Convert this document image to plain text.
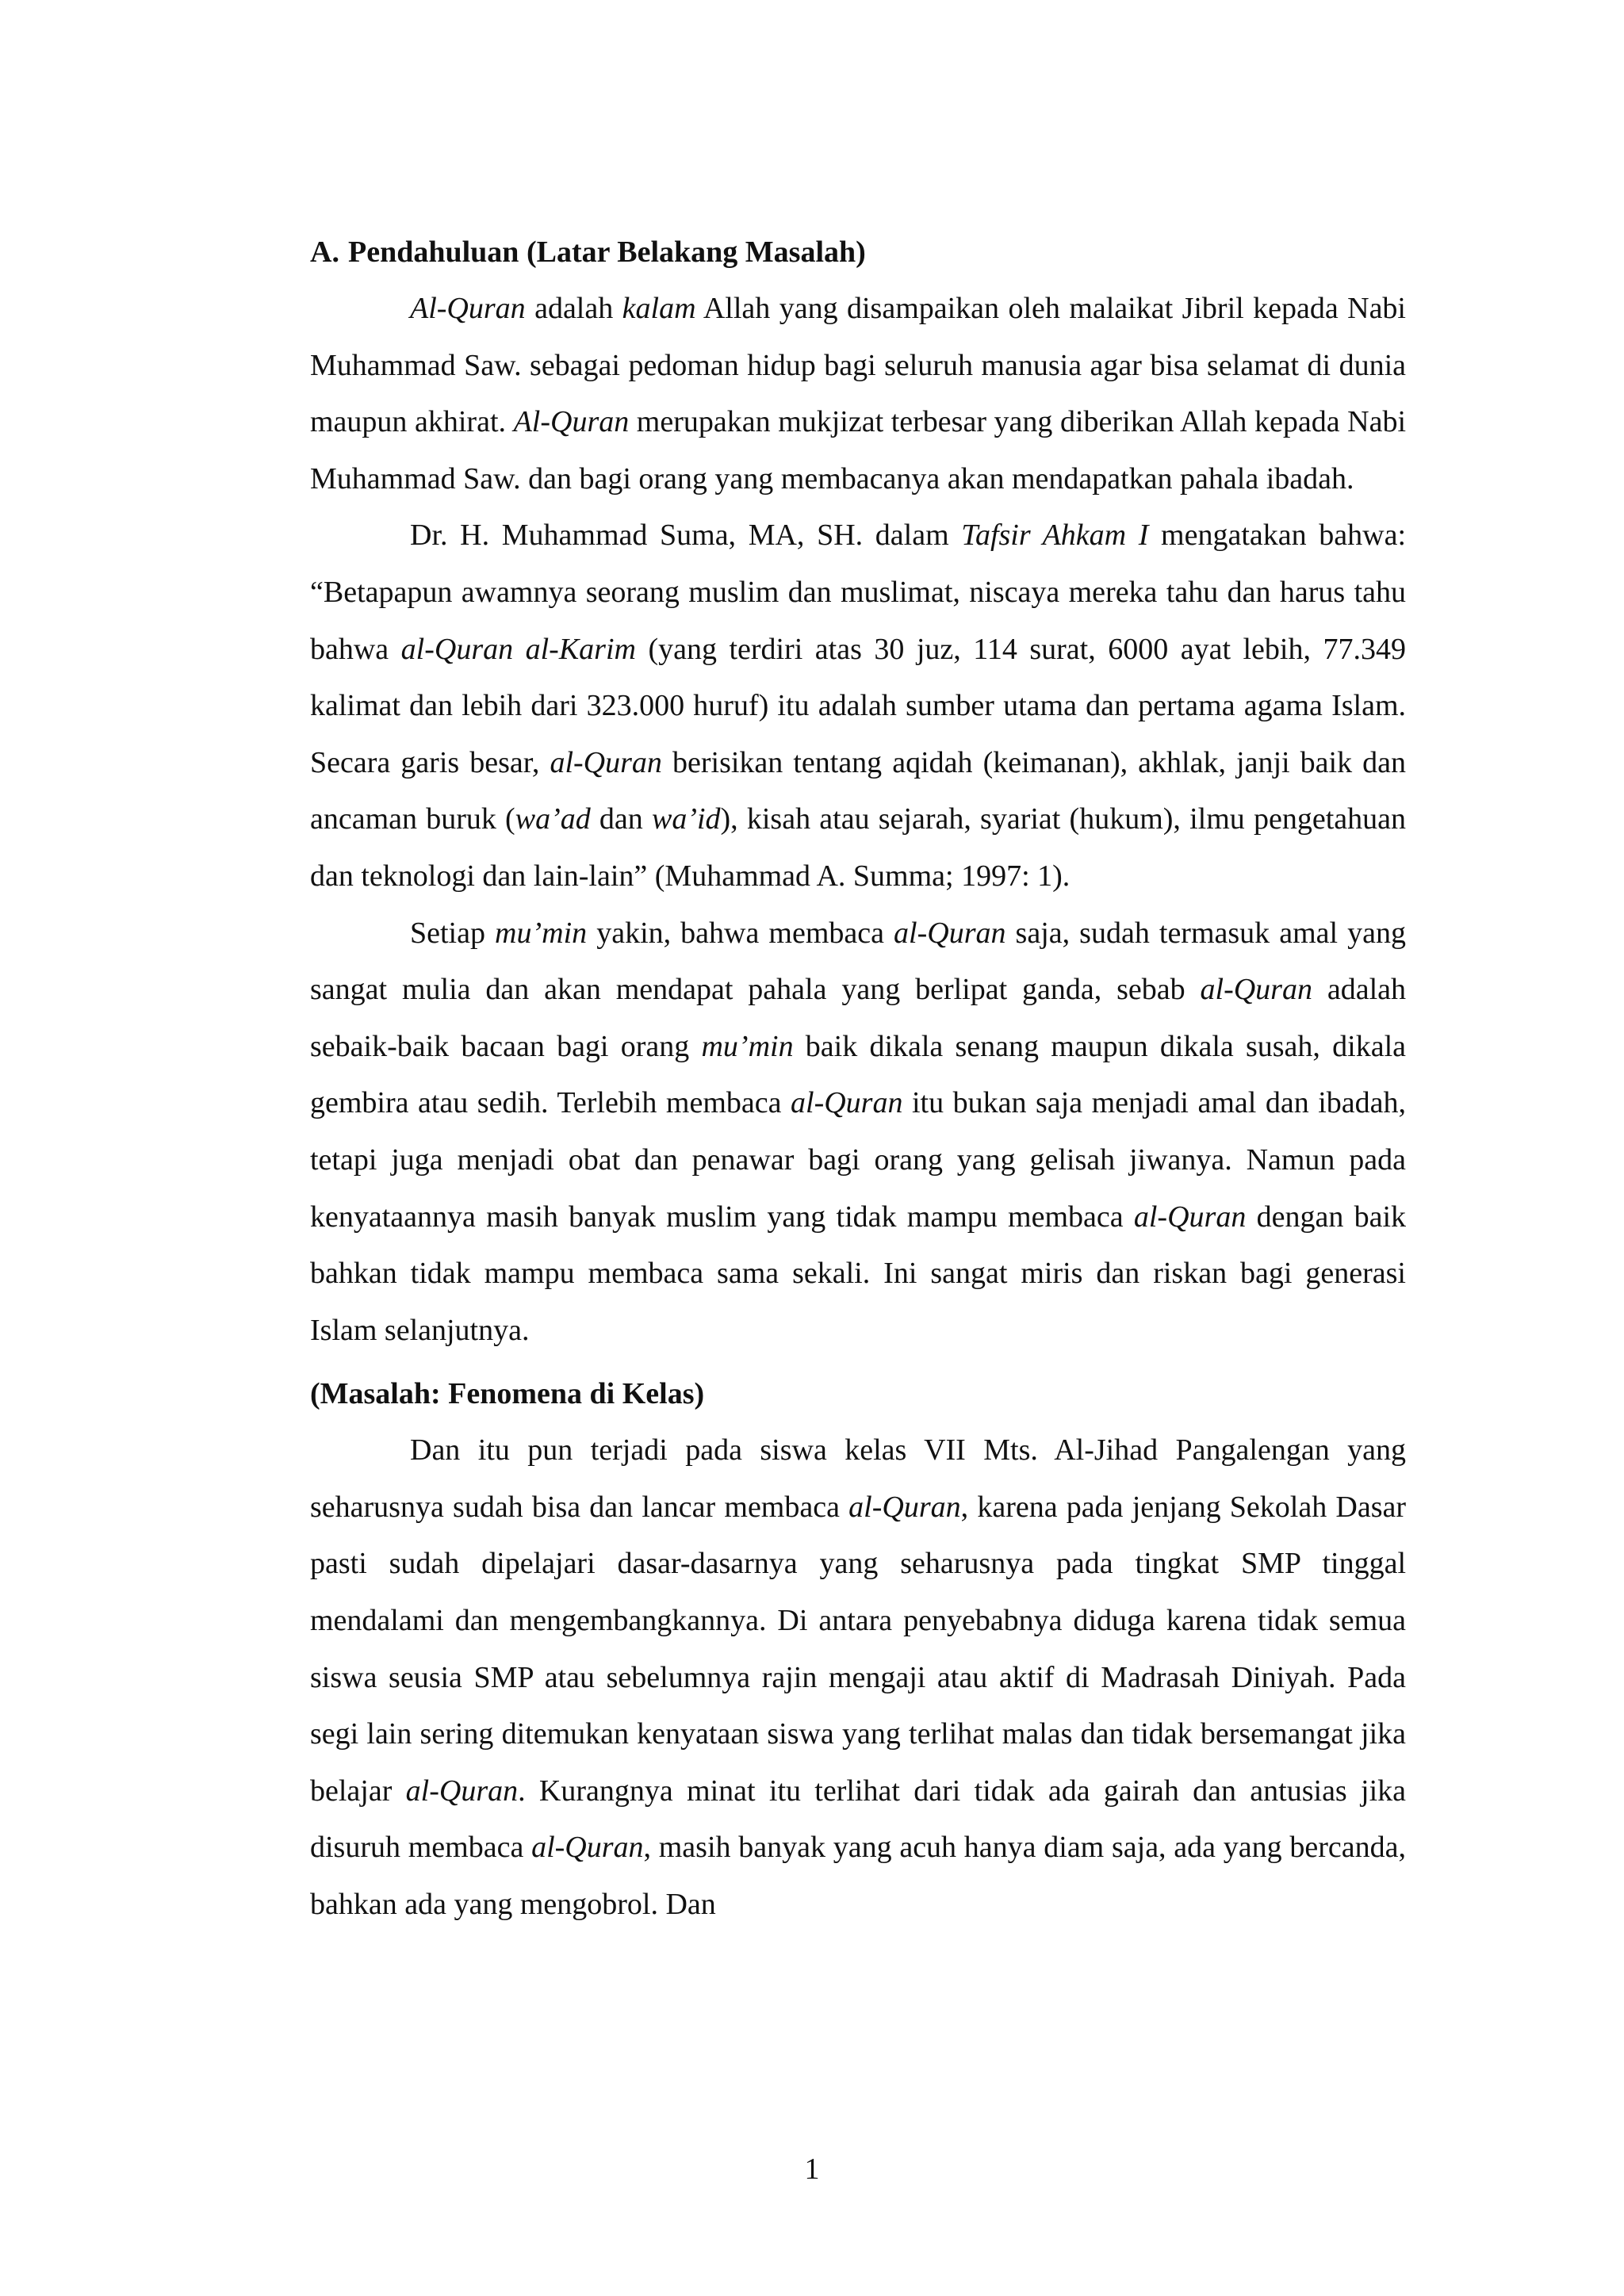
A. Pendahuluan (Latar Belakang Masalah)

Al-Quran adalah kalam Allah yang disampaikan oleh malaikat Jibril kepada Nabi Muhammad Saw. sebagai pedoman hidup bagi seluruh manusia agar bisa selamat di dunia maupun akhirat. Al-Quran merupakan mukjizat terbesar yang diberikan Allah kepada Nabi Muhammad Saw. dan bagi orang yang membacanya akan mendapatkan pahala ibadah.

Dr. H. Muhammad Suma, MA, SH. dalam Tafsir Ahkam I mengatakan bahwa: “Betapapun awamnya seorang muslim dan muslimat, niscaya mereka tahu dan harus tahu bahwa al-Quran al-Karim (yang terdiri atas 30 juz, 114 surat, 6000 ayat lebih, 77.349 kalimat dan lebih dari 323.000 huruf) itu adalah sumber utama dan pertama agama Islam. Secara garis besar, al-Quran berisikan tentang aqidah (keimanan), akhlak, janji baik dan ancaman buruk (wa’ad dan wa’id), kisah atau sejarah, syariat (hukum), ilmu pengetahuan dan teknologi dan lain-lain” (Muhammad A. Summa; 1997: 1).

Setiap mu’min yakin, bahwa membaca al-Quran saja, sudah termasuk amal yang sangat mulia dan akan mendapat pahala yang berlipat ganda, sebab al-Quran adalah sebaik-baik bacaan bagi orang mu’min baik dikala senang maupun dikala susah, dikala gembira atau sedih. Terlebih membaca al-Quran itu bukan saja menjadi amal dan ibadah, tetapi juga menjadi obat dan penawar bagi orang yang gelisah jiwanya. Namun pada kenyataannya masih banyak muslim yang tidak mampu membaca al-Quran dengan baik bahkan tidak mampu membaca sama sekali. Ini sangat miris dan riskan bagi generasi Islam selanjutnya.

(Masalah: Fenomena di Kelas)

Dan itu pun terjadi pada siswa kelas VII Mts. Al-Jihad Pangalengan yang seharusnya sudah bisa dan lancar membaca al-Quran, karena pada jenjang Sekolah Dasar pasti sudah dipelajari dasar-dasarnya yang seharusnya pada tingkat SMP tinggal mendalami dan mengembangkannya. Di antara penyebabnya diduga karena tidak semua siswa seusia SMP atau sebelumnya rajin mengaji atau aktif di Madrasah Diniyah. Pada segi lain sering ditemukan kenyataan siswa yang terlihat malas dan tidak bersemangat jika belajar al-Quran. Kurangnya minat itu terlihat dari tidak ada gairah dan antusias jika disuruh membaca al-Quran, masih banyak yang acuh hanya diam saja, ada yang bercanda, bahkan ada yang mengobrol. Dan

1
